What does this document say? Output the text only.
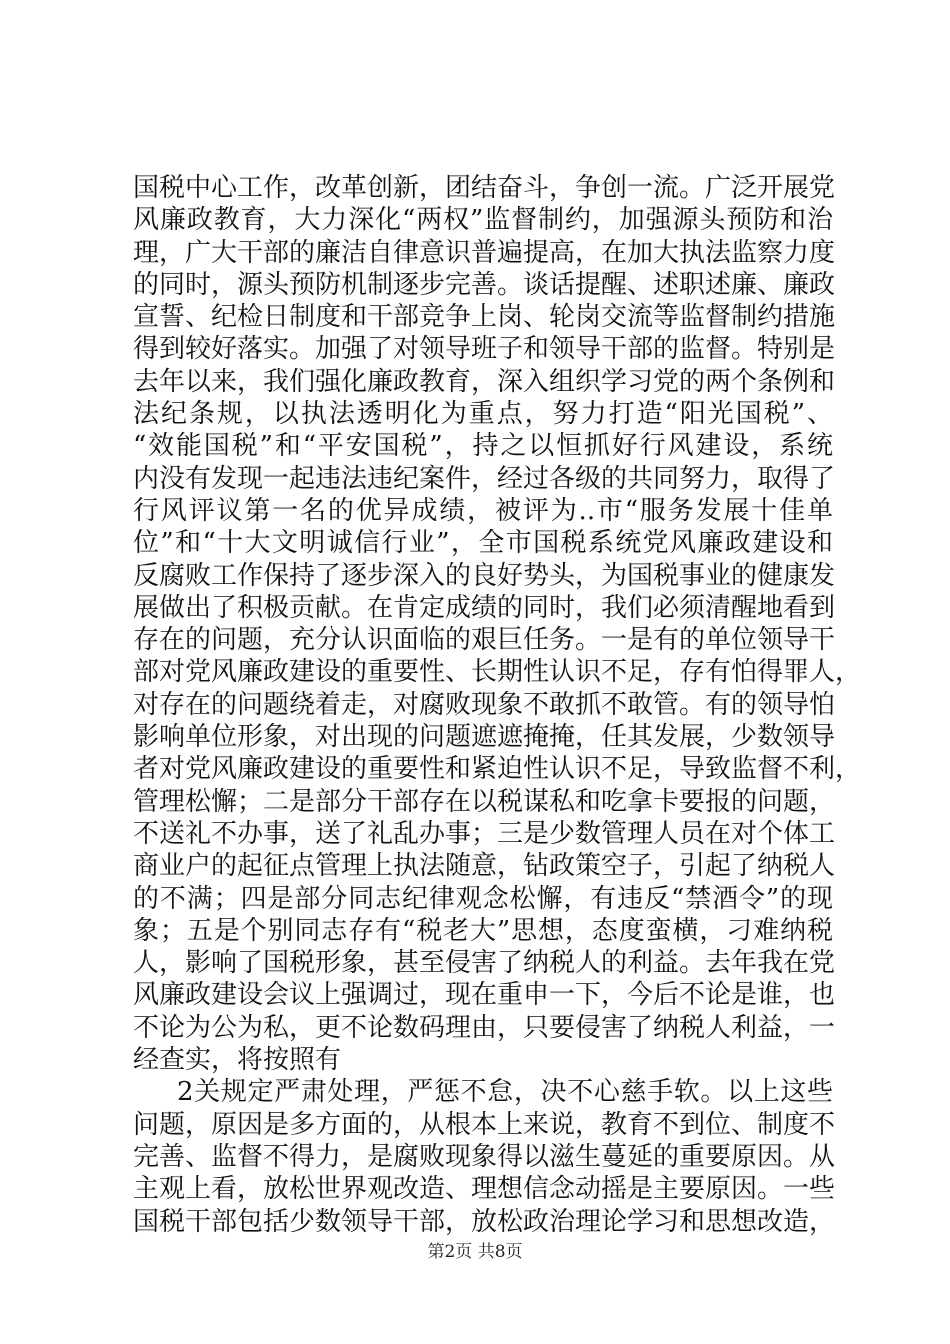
国税中心工作，改革创新，团结奋斗，争创一流。广泛开展党
风廉政教育，大力深化“两权”监督制约，加强源头预防和治
理，广大干部的廉洁自律意识普遍提高，在加大执法监察力度
的同时，源头预防机制逐步完善。谈话提醒、述职述廉、廉政
宣誓、纪检日制度和干部竞争上岗、轮岗交流等监督制约措施
得到较好落实。加强了对领导班子和领导干部的监督。特别是
去年以来，我们强化廉政教育，深入组织学习党的两个条例和
法纪条规，以执法透明化为重点，努力打造“阳光国税”、
“效能国税”和“平安国税”，持之以恒抓好行风建设，系统
内没有发现一起违法违纪案件，经过各级的共同努力，取得了
行风评议第一名的优异成绩，被评为..市“服务发展十佳单
位”和“十大文明诚信行业”，全市国税系统党风廉政建设和
反腐败工作保持了逐步深入的良好势头，为国税事业的健康发
展做出了积极贡献。在肯定成绩的同时，我们必须清醒地看到
存在的问题，充分认识面临的艰巨任务。一是有的单位领导干
部对党风廉政建设的重要性、长期性认识不足，存有怕得罪人，
对存在的问题绕着走，对腐败现象不敢抓不敢管。有的领导怕
影响单位形象，对出现的问题遮遮掩掩，任其发展，少数领导
者对党风廉政建设的重要性和紧迫性认识不足，导致监督不利，
管理松懈；二是部分干部存在以税谋私和吃拿卡要报的问题，
不送礼不办事，送了礼乱办事；三是少数管理人员在对个体工
商业户的起征点管理上执法随意，钻政策空子，引起了纳税人
的不满；四是部分同志纪律观念松懈，有违反“禁酒令”的现
象；五是个别同志存有“税老大”思想，态度蛮横，刁难纳税
人，影响了国税形象，甚至侵害了纳税人的利益。去年我在党
风廉政建设会议上强调过，现在重申一下，今后不论是谁，也
不论为公为私，更不论数码理由，只要侵害了纳税人利益，一
经查实，将按照有
2关规定严肃处理，严惩不怠，决不心慈手软。以上这些
问题，原因是多方面的，从根本上来说，教育不到位、制度不
完善、监督不得力，是腐败现象得以滋生蔓延的重要原因。从
主观上看，放松世界观改造、理想信念动摇是主要原因。一些
国税干部包括少数领导干部，放松政治理论学习和思想改造，
第2页 共8页
